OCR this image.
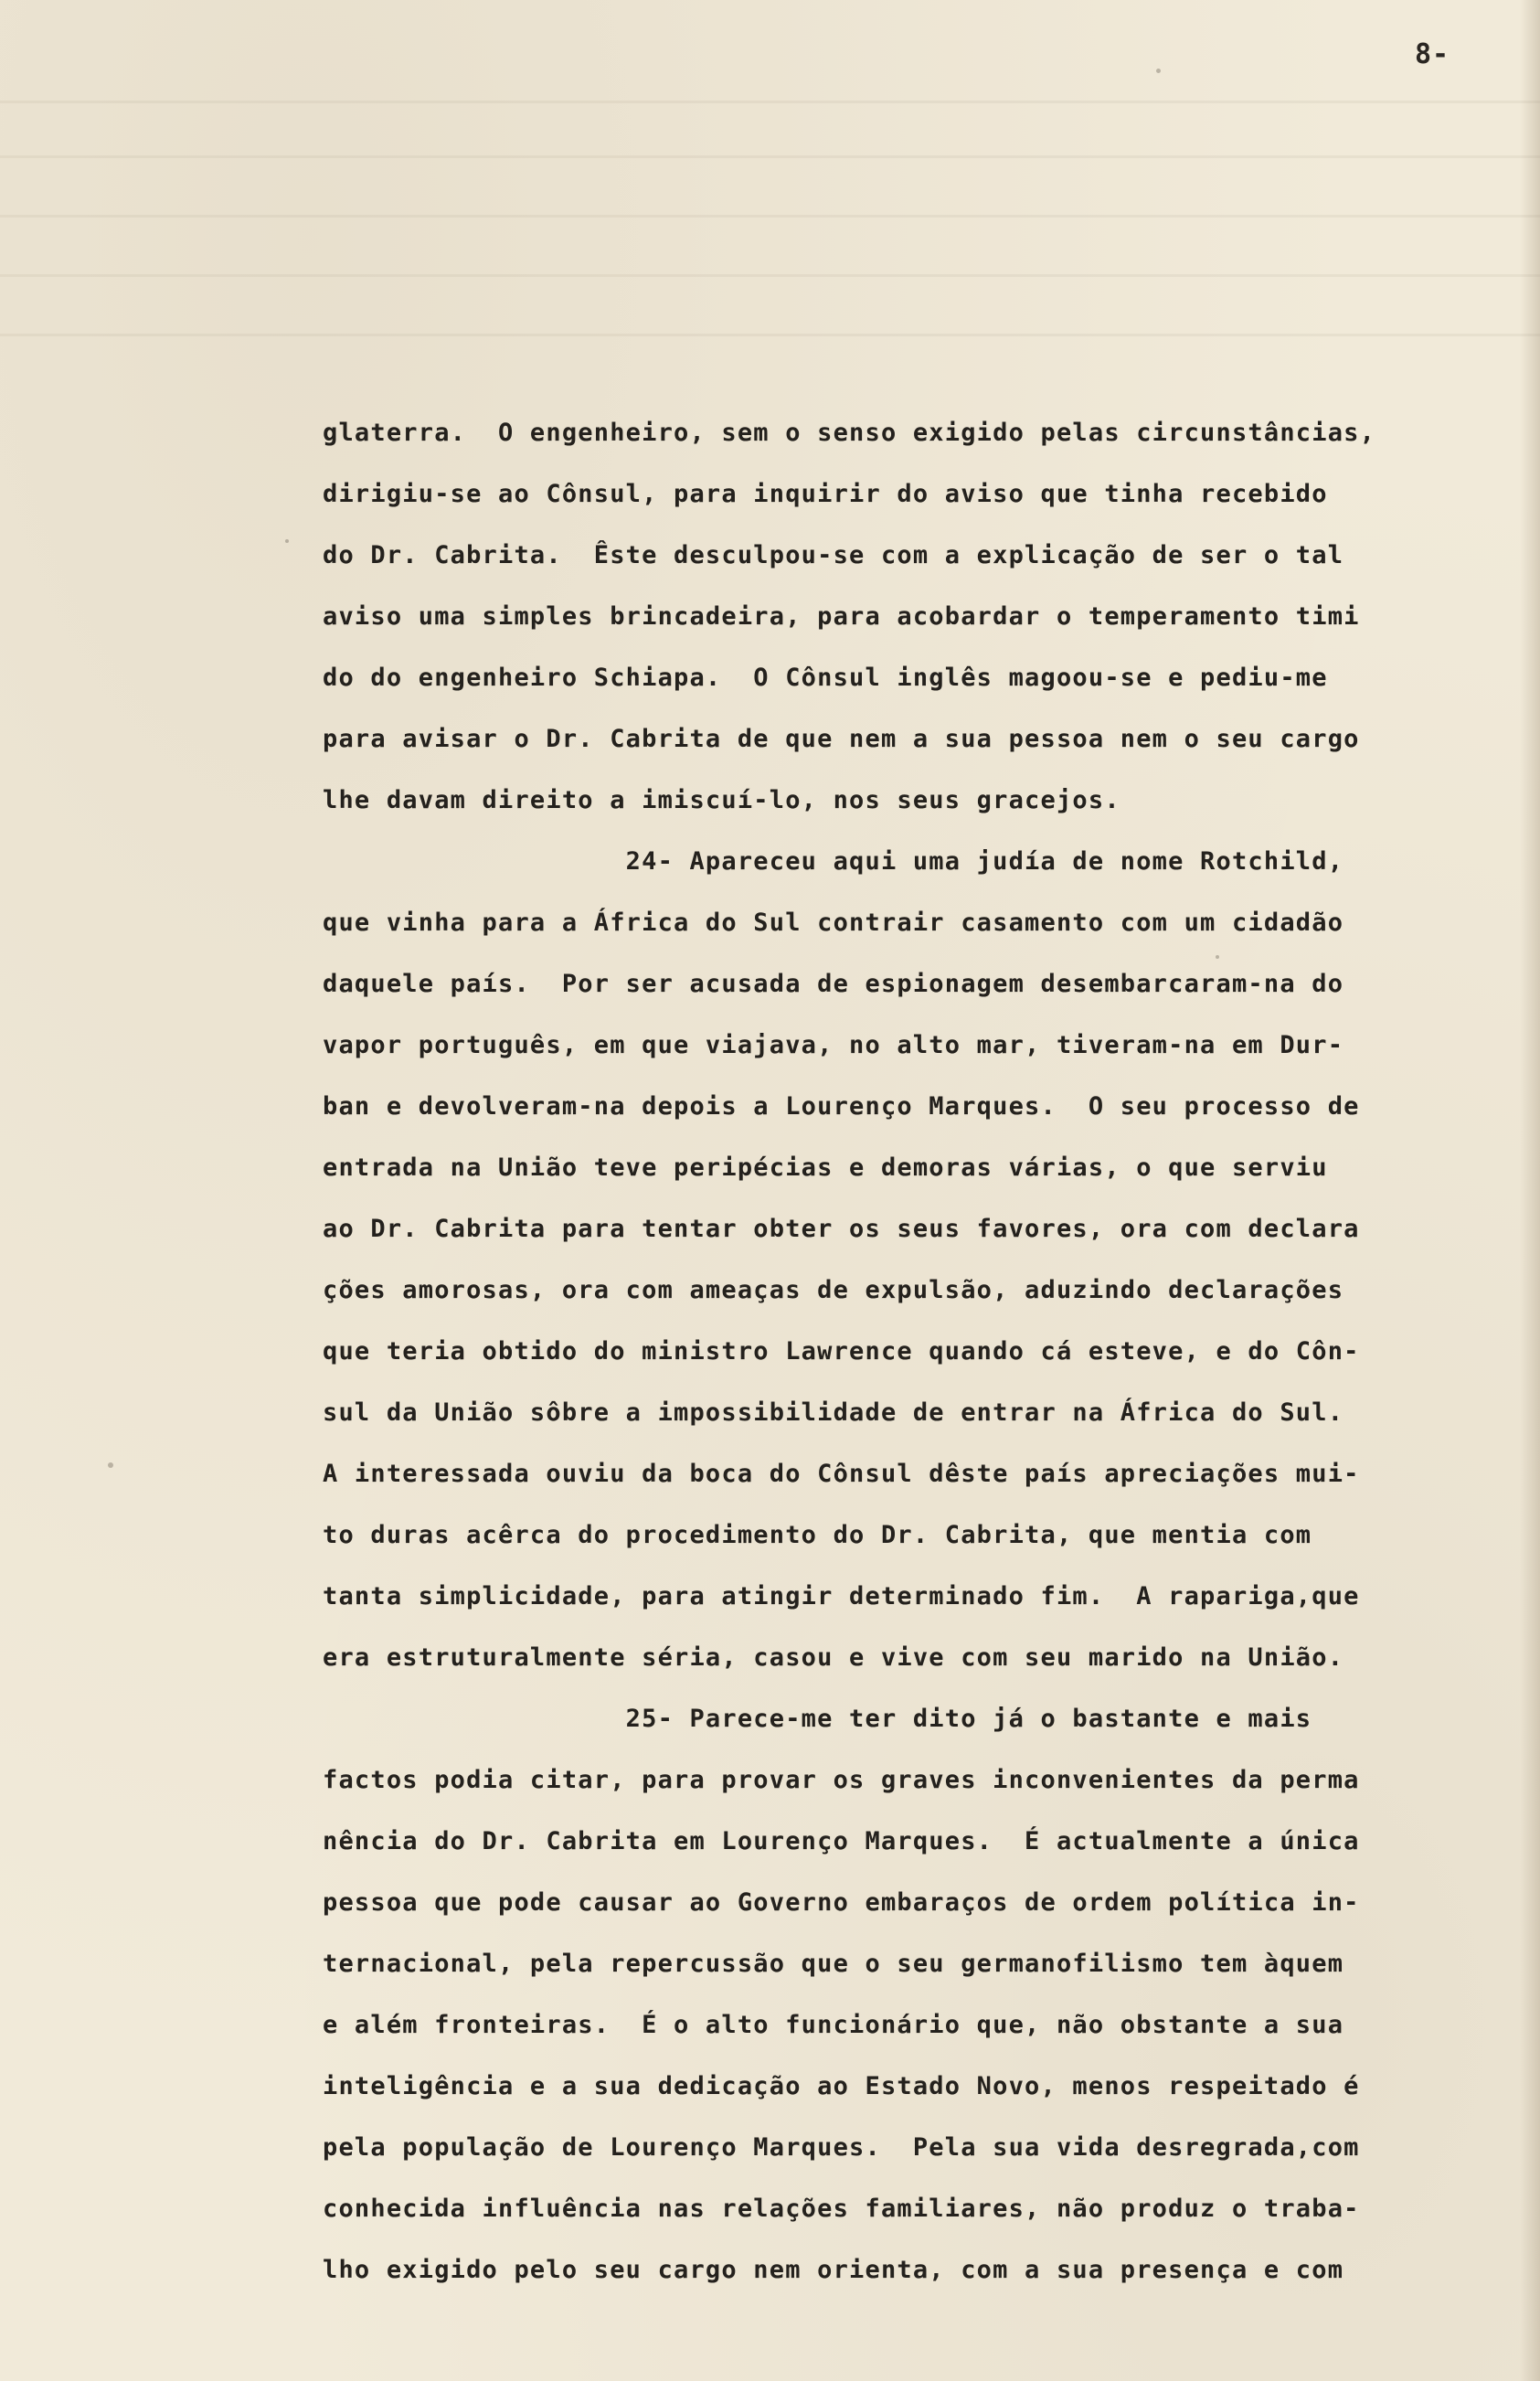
8-
glaterra.  O engenheiro, sem o senso exigido pelas circunstâncias,
dirigiu-se ao Cônsul, para inquirir do aviso que tinha recebido
do Dr. Cabrita.  Êste desculpou-se com a explicação de ser o tal
aviso uma simples brincadeira, para acobardar o temperamento timi
do do engenheiro Schiapa.  O Cônsul inglês magoou-se e pediu-me
para avisar o Dr. Cabrita de que nem a sua pessoa nem o seu cargo
lhe davam direito a imiscuí-lo, nos seus gracejos.
24- Apareceu aqui uma judía de nome Rotchild,
que vinha para a África do Sul contrair casamento com um cidadão
daquele país.  Por ser acusada de espionagem desembarcaram-na do
vapor português, em que viajava, no alto mar, tiveram-na em Dur-
ban e devolveram-na depois a Lourenço Marques.  O seu processo de
entrada na União teve peripécias e demoras várias, o que serviu
ao Dr. Cabrita para tentar obter os seus favores, ora com declara
ções amorosas, ora com ameaças de expulsão, aduzindo declarações
que teria obtido do ministro Lawrence quando cá esteve, e do Côn-
sul da União sôbre a impossibilidade de entrar na África do Sul.
A interessada ouviu da boca do Cônsul dêste país apreciações mui-
to duras acêrca do procedimento do Dr. Cabrita, que mentia com
tanta simplicidade, para atingir determinado fim.  A rapariga,que
era estruturalmente séria, casou e vive com seu marido na União.
25- Parece-me ter dito já o bastante e mais
factos podia citar, para provar os graves inconvenientes da perma
nência do Dr. Cabrita em Lourenço Marques.  É actualmente a única
pessoa que pode causar ao Governo embaraços de ordem política in-
ternacional, pela repercussão que o seu germanofilismo tem àquem
e além fronteiras.  É o alto funcionário que, não obstante a sua
inteligência e a sua dedicação ao Estado Novo, menos respeitado é
pela população de Lourenço Marques.  Pela sua vida desregrada,com
conhecida influência nas relações familiares, não produz o traba-
lho exigido pelo seu cargo nem orienta, com a sua presença e com
